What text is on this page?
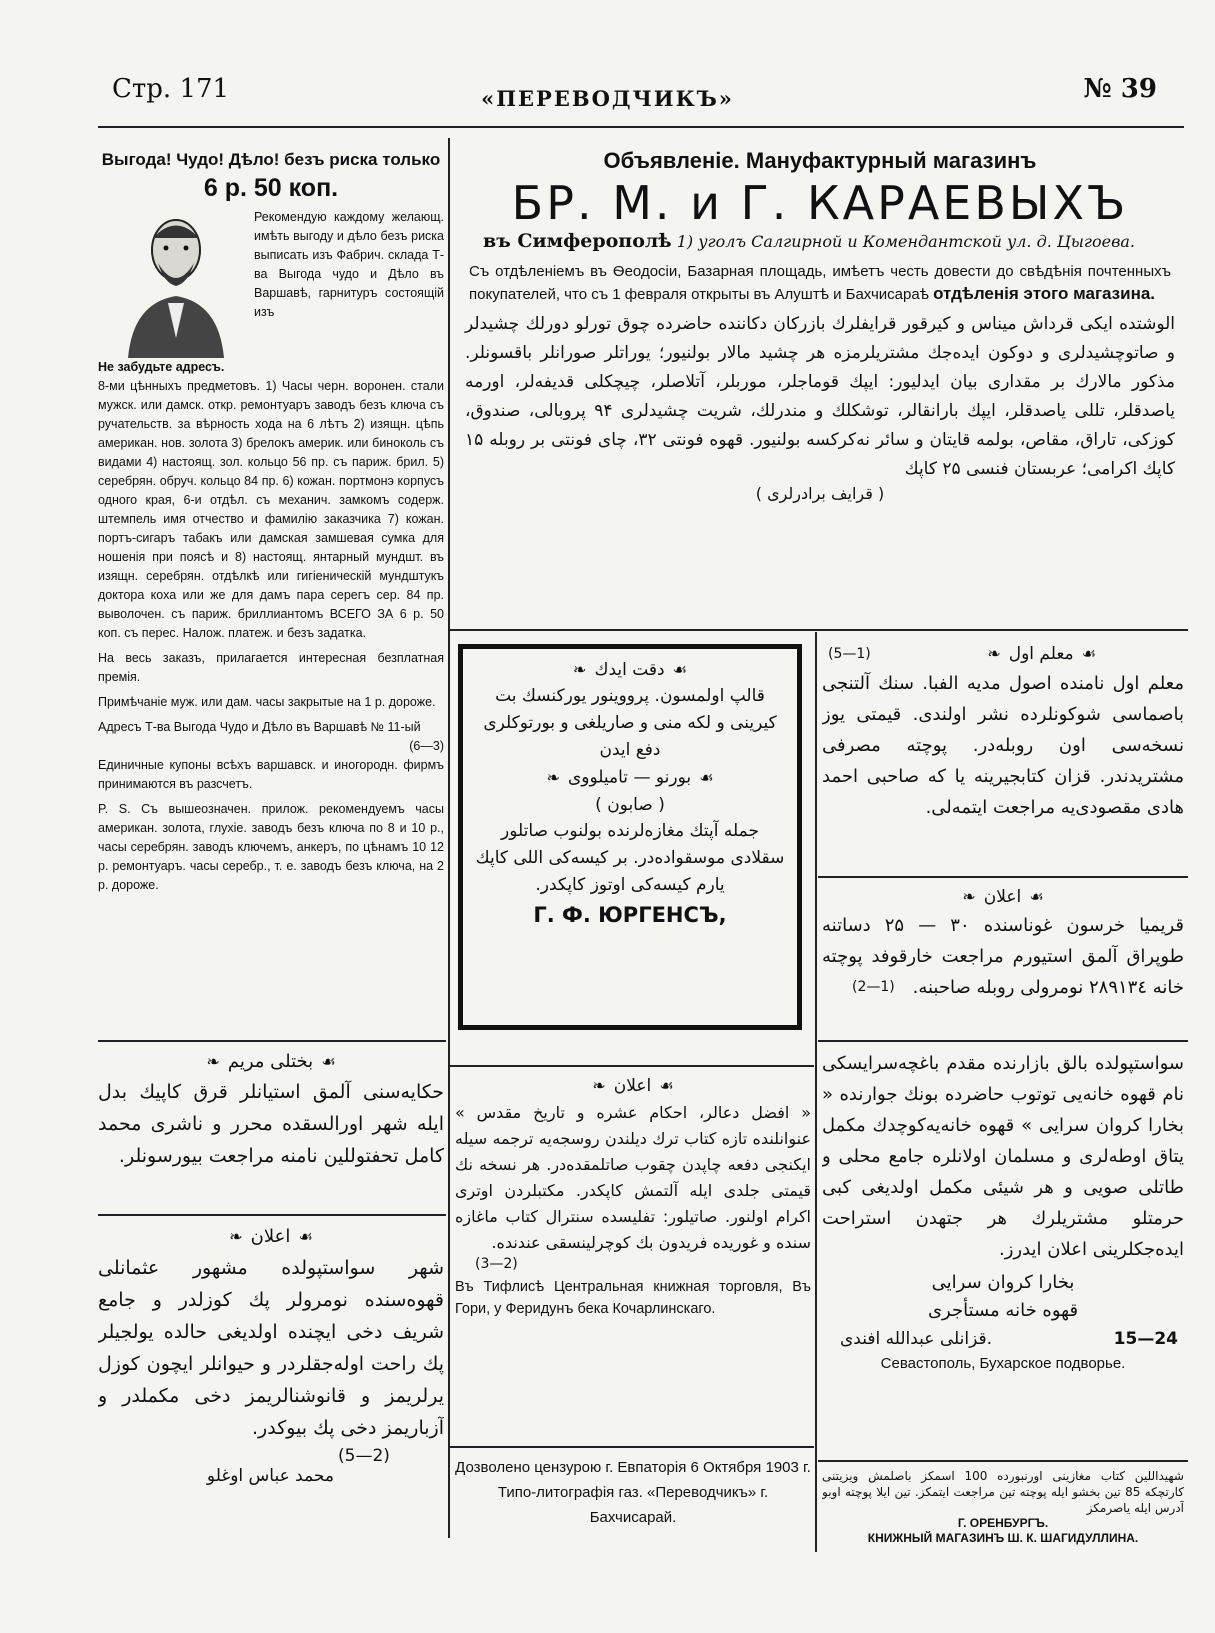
Стр. 171	«ПЕРЕВОДЧИКЪ»	№ 39

Выгода! Чудо! Дѣло! безъ риска только

6 р. 50 коп.

Рекомендую каждому желающ. имѣть выгоду и дѣло безъ риска выписать изъ Фабрич. склада Т-ва Выгода чудо и Дѣло въ Варшавѣ, гарнитуръ состоящій изъ

Не забудьте адресъ.

8-ми цѣнныхъ предметовъ. 1) Часы черн. воронен. стали мужск. или дамск. откр. ремонтуаръ заводъ безъ ключа съ ручательств. за вѣрность хода на 6 лѣтъ 2) изящн. цѣпь американ. нов. золота 3) брелокъ америк. или биноколь съ видами 4) настоящ. зол. кольцо 56 пр. съ париж. брил. 5) серебрян. обруч. кольцо 84 пр. 6) кожан. портмонэ корпусъ одного края, 6-и отдѣл. съ механич. замкомъ содерж. штемпель имя отчество и фамилію заказчика 7) кожан. портъ-сигаръ табакъ или дамская замшевая сумка для ношенія при поясѣ и 8) настоящ. янтарный мундшт. въ изящн. серебрян. отдѣлкѣ или гигіеническій мундштукъ доктора коха или же для дамъ пара серегъ сер. 84 пр. выволочен. съ париж. бриллиантомъ ВСЕГО ЗА 6 р. 50 коп. съ перес. Налож. платеж. и безъ задатка.

На весь заказъ, прилагается интересная безплатная премія.

Примѣчаніе муж. или дам. часы закрытые на 1 р. дороже.

Адресъ Т-ва Выгода Чудо и Дѣло въ Варшавѣ № 11-ый
(6—3)

Единичные купоны всѣхъ варшавск. и иногородн. фирмъ принимаются въ разсчетъ.

P. S. Съ вышеозначен. прилож. рекомендуемъ часы американ. золота, глухіе. заводъ безъ ключа по 8 и 10 р., часы серебрян. заводъ ключемъ, анкеръ, по цѣнамъ 10 12 р. ремонтуаръ. часы серебр., т. е. заводъ безъ ключа, на 2 р. дороже.

❧ بختلی مریم ☙

حکایه‌سنی آلمق استیانلر قرق کاپیك بدل ایله شهر اورالسقده محرر و ناشری محمد کامل تحفتوللین نامنه مراجعت بیورسونلر.

❧ اعلان ☙

شهر سواستپولده مشهور عثمانلی قهوه‌سنده نومرولر پك کوزلدر و جامع شریف دخی ایچنده اولدیغی حالده یولجیلر پك راحت اوله‌جقلردر و حیوانلر ایچون کوزل یرلریمز و قانوشنالریمز دخی مکملدر و آزباریمز دخی پك بیوکدر.

(5—2)
محمد عباس اوغلو

Объявленіе. Мануфактурный магазинъ

БР. М. и Г. КАРАЕВЫХЪ

въ Симферополѣ 1) уголъ Салгирной и Комендантской ул. д. Цыгоева.

Съ отдѣленіемъ въ Ѳеодосіи, Базарная площадь, имѣетъ честь довести до свѣдѣнія почтенныхъ покупателей, что съ 1 февраля открыты въ Алуштѣ и Бахчисараѣ отдѣленія этого магазина.

الوشتده ایکی قرداش میناس و کیرقور قرایفلرك بازرکان دکاننده حاضرده چوق تورلو دورلك چشیدلر و صاتوچشیدلری و دوکون ایدەجك مشتریلرمزه هر چشید مالار بولنیور؛ یوراتلر صورانلر باقسونلر. مذکور مالارك بر مقداری بیان ایدلیور: ایپك قوماجلر، موربلر، آتلاصلر، چیچکلی قدیفەلر، اورمه یاصدقلر، تللی یاصدقلر، ایپك بارانقالر، توشکلك و مندرلك، شریت چشیدلری ۹۴ پروبالی، صندوق، کوزکی، تاراق، مقاص، بولمه قایتان و سائر نەکرکسه بولنیور. قهوه فونتی ۳۲، چای فونتی بر روبله ۱۵ کاپك اکرامی؛ عربستان فنسی ۲۵ کاپك

( قرایف برادرلری )

❧ دقت ایدك ☙

قالپ اولمسون. پرووینور یورکنسك بت کیرینی و لکه منی و صاریلغی و بورتوکلری دفع ایدن

❧ بورنو — تامیلووی ☙

( صابون )

جمله آپتك مغازه‌لرنده بولنوب صاتلور سقلادی موسقواده‌در. بر کیسه‌کی اللی کاپك یارم کیسه‌کی اوتوز کاپکدر.

Г. Ф. ЮРГЕНСЪ,

❧ اعلان ☙

« افضل دعالر، احکام عشره و تاریخ مقدس » عنوانلنده تازه کتاب ترك دیلندن روسجه‌یه ترجمه سیله ایکنجی دفعه چاپدن چقوب صاتلمقده‌در. هر نسخه نك قیمتی جلدی ایله آلتمش کاپکدر. مکتبلردن اوتری اکرام اولنور. صاتیلور: تفلیسده سنترال کتاب ماغازه سنده و غوریده فریدون بك کوچرلینسقی عندنده.

(3—2)

Въ Тифлисѣ Центральная книжная торговля, Въ Гори, у Феридунъ бека Кочарлинскаго.

Дозволено цензурою г. Евпаторія 6 Октября 1903 г. Типо-литографія газ. «Переводчикъ» г. Бахчисарай.

(5—1)	❧ معلم اول ☙

معلم اول نامنده اصول مدیه الفبا. سنك آلتنجی باصماسی شوکونلرده نشر اولندی. قیمتی یوز نسخه‌سی اون روبله‌در. پوچته مصرفی مشتریدندر. قزان کتابجیرینه یا که صاحبی احمد هادی مقصودی‌یه مراجعت ایتمه‌لی.

❧ اعلان ☙

قریمیا خرسون غوناسنده ۳۰ — ۲۵ دساتنه طوپراق آلمق استیورم مراجعت خارقوفد پوچته خانه ۲۸۹۱۳٤ نومرولی روبله صاحبنه.

(2—1)

سواستپولده بالق بازارنده مقدم باغچه‌سرایسکی نام قهوه خانه‌یی توتوب حاضرده بونك جوارنده « بخارا کروان سرایی » قهوه خانه‌یه‌کوچدك مکمل یتاق اوطه‌لری و مسلمان اولانلره جامع محلی و طاتلی صویی و هر شیئی مکمل اولدیغی کبی حرمتلو مشتریلرك هر جتهدن استراحت ایده‌جکلرینی اعلان ایدرز.

بخارا کروان سرایی

قهوه خانه مستأجری

15—24
قزانلی عبدالله افندی.

Севастополь, Бухарское подворье.

شهیداللین کتاب مغازینی اورنبورده 100 اسمکز باصلمش ویزیتنی کارتچکه 85 تین بخشو ایله پوچته تین مراجعت ایتمکز. تین ایلا پوچته اوبو آدرس ایله یاصرمکز

Г. ОРЕНБУРГЪ.

КНИЖНЫЙ МАГАЗИНЪ Ш. К. ШАГИДУЛЛИНА.
